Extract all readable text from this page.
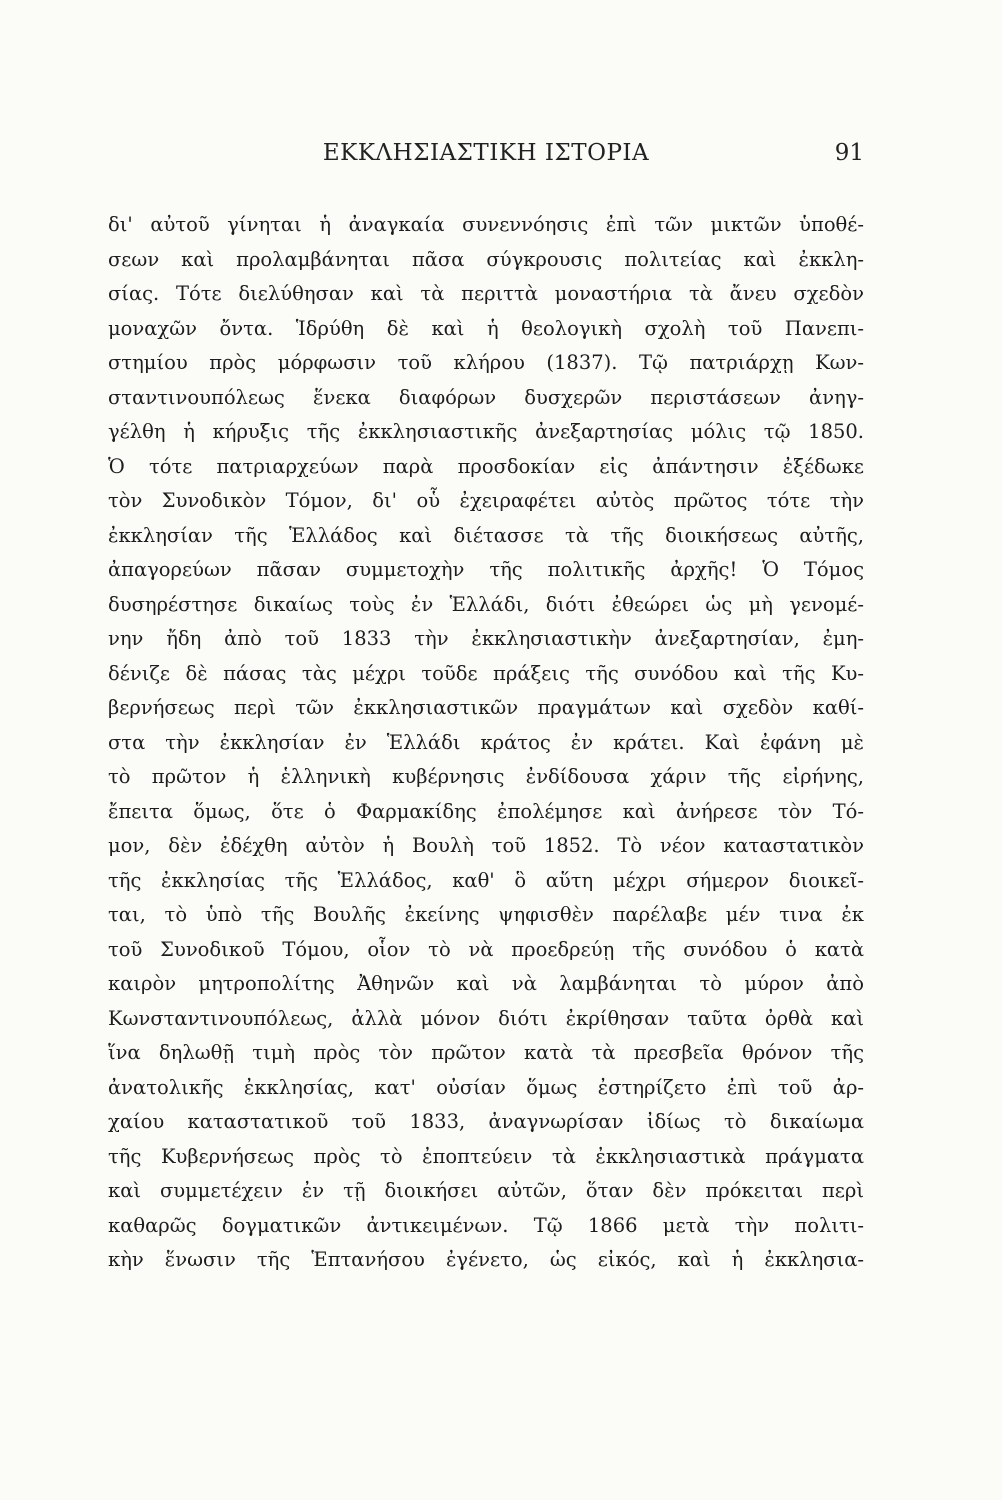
ΕΚΚΛΗΣΙΑΣΤΙΚΗ ΙΣΤΟΡΙΑ	91
δι' αὐτοῦ γίνηται ἡ ἀναγκαία συνεννόησις ἐπὶ τῶν μικτῶν ὑποθέ-
σεων καὶ προλαμβάνηται πᾶσα σύγκρουσις πολιτείας καὶ ἐκκλη-
σίας. Τότε διελύθησαν καὶ τὰ περιττὰ μοναστήρια τὰ ἄνευ σχεδὸν
μοναχῶν ὄντα. Ἱδρύθη δὲ καὶ ἡ θεολογικὴ σχολὴ τοῦ Πανεπι-
στημίου πρὸς μόρφωσιν τοῦ κλήρου (1837). Τῷ πατριάρχῃ Κων-
σταντινουπόλεως ἕνεκα διαφόρων δυσχερῶν περιστάσεων ἀνηγ-
γέλθη ἡ κήρυξις τῆς ἐκκλησιαστικῆς ἀνεξαρτησίας μόλις τῷ 1850.
Ὁ τότε πατριαρχεύων παρὰ προσδοκίαν εἰς ἀπάντησιν ἐξέδωκε
τὸν Συνοδικὸν Τόμον, δι' οὗ ἐχειραφέτει αὐτὸς πρῶτος τότε τὴν
ἐκκλησίαν τῆς Ἑλλάδος καὶ διέτασσε τὰ τῆς διοικήσεως αὐτῆς,
ἀπαγορεύων πᾶσαν συμμετοχὴν τῆς πολιτικῆς ἀρχῆς! Ὁ Τόμος
δυσηρέστησε δικαίως τοὺς ἐν Ἑλλάδι, διότι ἐθεώρει ὡς μὴ γενομέ-
νην ἤδη ἀπὸ τοῦ 1833 τὴν ἐκκλησιαστικὴν ἀνεξαρτησίαν, ἐμη-
δένιζε δὲ πάσας τὰς μέχρι τοῦδε πράξεις τῆς συνόδου καὶ τῆς Κυ-
βερνήσεως περὶ τῶν ἐκκλησιαστικῶν πραγμάτων καὶ σχεδὸν καθί-
στα τὴν ἐκκλησίαν ἐν Ἑλλάδι κράτος ἐν κράτει. Καὶ ἐφάνη μὲ
τὸ πρῶτον ἡ ἑλληνικὴ κυβέρνησις ἐνδίδουσα χάριν τῆς εἰρήνης,
ἔπειτα ὅμως, ὅτε ὁ Φαρμακίδης ἐπολέμησε καὶ ἀνήρεσε τὸν Τό-
μον, δὲν ἐδέχθη αὐτὸν ἡ Βουλὴ τοῦ 1852. Τὸ νέον καταστατικὸν
τῆς ἐκκλησίας τῆς Ἑλλάδος, καθ' ὃ αὕτη μέχρι σήμερον διοικεῖ-
ται, τὸ ὑπὸ τῆς Βουλῆς ἐκείνης ψηφισθὲν παρέλαβε μέν τινα ἐκ
τοῦ Συνοδικοῦ Τόμου, οἷον τὸ νὰ προεδρεύῃ τῆς συνόδου ὁ κατὰ
καιρὸν μητροπολίτης Ἀθηνῶν καὶ νὰ λαμβάνηται τὸ μύρον ἀπὸ
Κωνσταντινουπόλεως, ἀλλὰ μόνον διότι ἐκρίθησαν ταῦτα ὀρθὰ καὶ
ἵνα δηλωθῇ τιμὴ πρὸς τὸν πρῶτον κατὰ τὰ πρεσβεῖα θρόνον τῆς
ἀνατολικῆς ἐκκλησίας, κατ' οὐσίαν ὅμως ἐστηρίζετο ἐπὶ τοῦ ἀρ-
χαίου καταστατικοῦ τοῦ 1833, ἀναγνωρίσαν ἰδίως τὸ δικαίωμα
τῆς Κυβερνήσεως πρὸς τὸ ἐποπτεύειν τὰ ἐκκλησιαστικὰ πράγματα
καὶ συμμετέχειν ἐν τῇ διοικήσει αὐτῶν, ὅταν δὲν πρόκειται περὶ
καθαρῶς δογματικῶν ἀντικειμένων. Τῷ 1866 μετὰ τὴν πολιτι-
κὴν ἕνωσιν τῆς Ἑπτανήσου ἐγένετο, ὡς εἰκός, καὶ ἡ ἐκκλησια-
